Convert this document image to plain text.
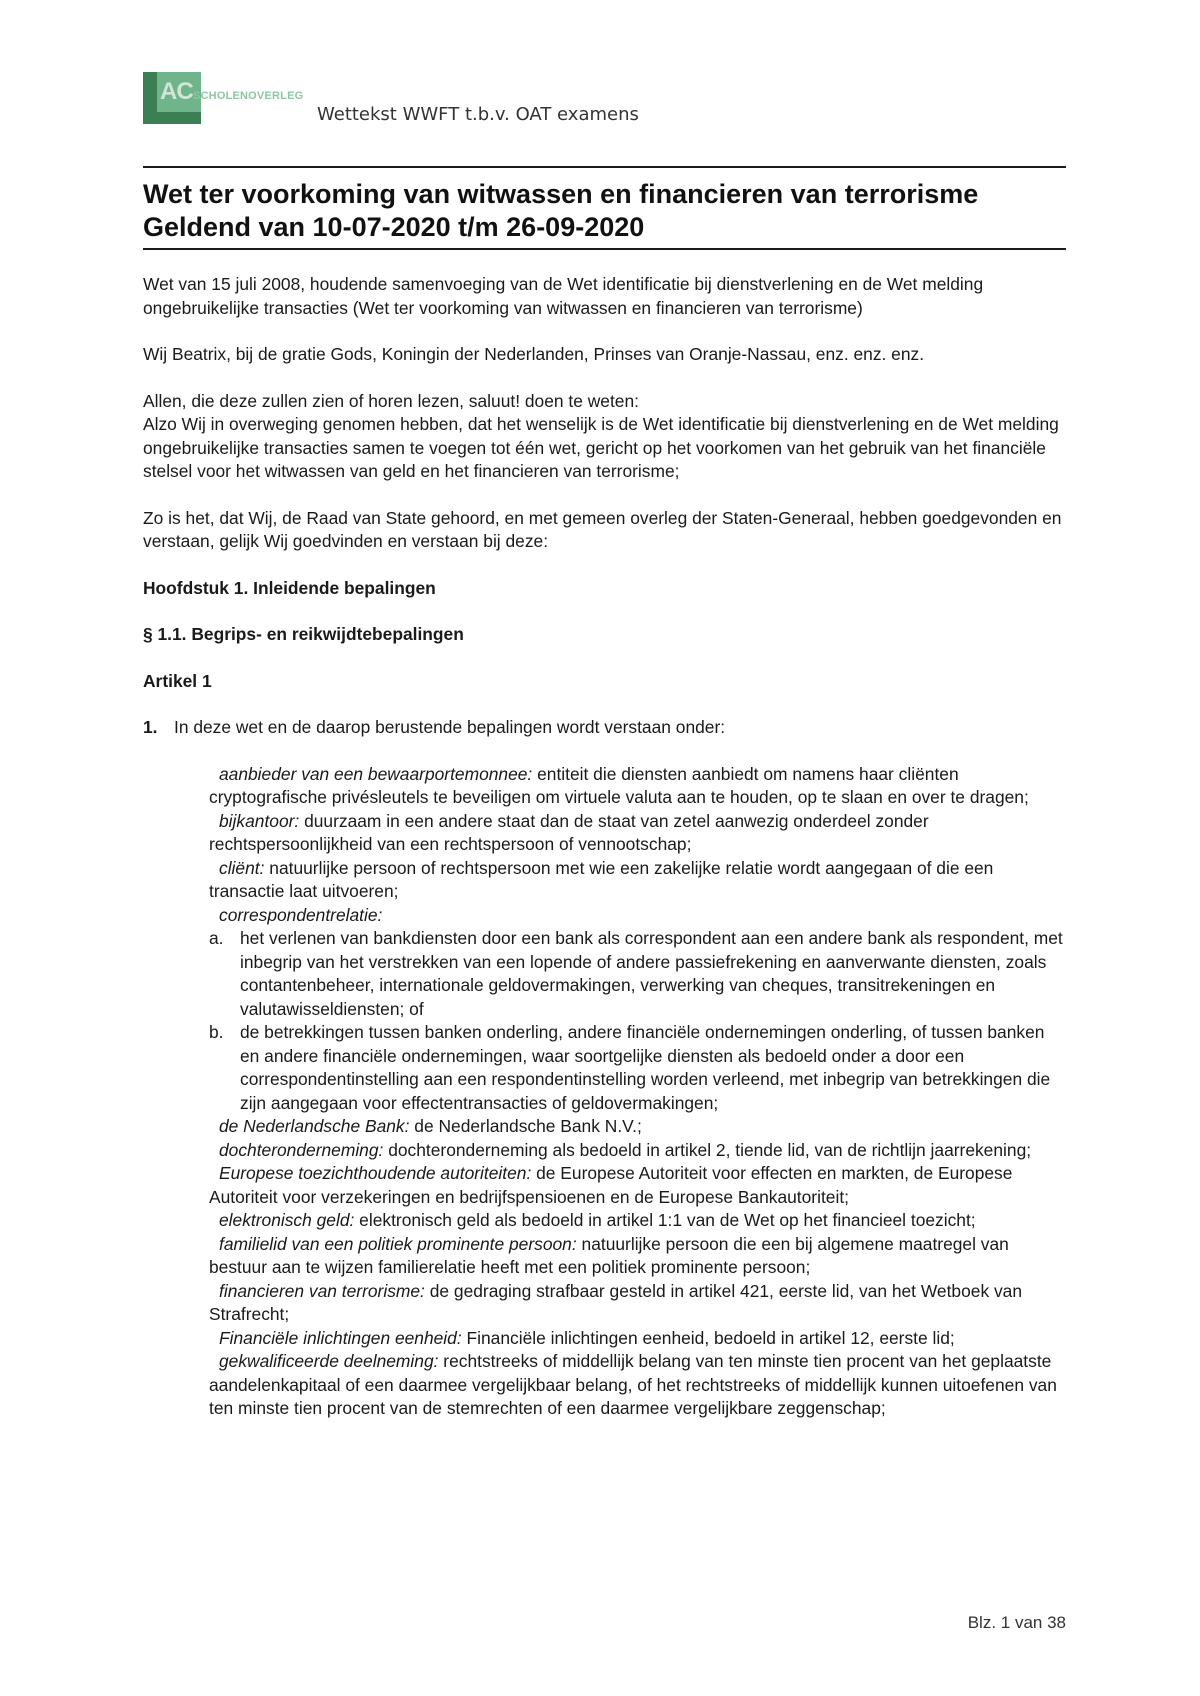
AC SCHOLENOVERLEG
Wettekst WWFT t.b.v. OAT examens
Wet ter voorkoming van witwassen en financieren van terrorisme
Geldend van 10-07-2020 t/m 26-09-2020

Wet van 15 juli 2008, houdende samenvoeging van de Wet identificatie bij dienstverlening en de Wet melding ongebruikelijke transacties (Wet ter voorkoming van witwassen en financieren van terrorisme)

Wij Beatrix, bij de gratie Gods, Koningin der Nederlanden, Prinses van Oranje-Nassau, enz. enz. enz.

Allen, die deze zullen zien of horen lezen, saluut! doen te weten:

Alzo Wij in overweging genomen hebben, dat het wenselijk is de Wet identificatie bij dienstverlening en de Wet melding ongebruikelijke transacties samen te voegen tot één wet, gericht op het voorkomen van het gebruik van het financiële stelsel voor het witwassen van geld en het financieren van terrorisme;

Zo is het, dat Wij, de Raad van State gehoord, en met gemeen overleg der Staten-Generaal, hebben goedgevonden en verstaan, gelijk Wij goedvinden en verstaan bij deze:

Hoofdstuk 1. Inleidende bepalingen

§ 1.1. Begrips- en reikwijdtebepalingen

Artikel 1

1. In deze wet en de daarop berustende bepalingen wordt verstaan onder:

aanbieder van een bewaarportemonnee: entiteit die diensten aanbiedt om namens haar cliënten cryptografische privésleutels te beveiligen om virtuele valuta aan te houden, op te slaan en over te dragen;

bijkantoor: duurzaam in een andere staat dan de staat van zetel aanwezig onderdeel zonder rechtspersoonlijkheid van een rechtspersoon of vennootschap;

cliënt: natuurlijke persoon of rechtspersoon met wie een zakelijke relatie wordt aangegaan of die een transactie laat uitvoeren;

correspondentrelatie:

a. het verlenen van bankdiensten door een bank als correspondent aan een andere bank als respondent, met inbegrip van het verstrekken van een lopende of andere passiefrekening en aanverwante diensten, zoals contantenbeheer, internationale geldovermakingen, verwerking van cheques, transitrekeningen en valutawisseldiensten; of
b. de betrekkingen tussen banken onderling, andere financiële ondernemingen onderling, of tussen banken en andere financiële ondernemingen, waar soortgelijke diensten als bedoeld onder a door een correspondentinstelling aan een respondentinstelling worden verleend, met inbegrip van betrekkingen die zijn aangegaan voor effectentransacties of geldovermakingen;

de Nederlandsche Bank: de Nederlandsche Bank N.V.;

dochteronderneming: dochteronderneming als bedoeld in artikel 2, tiende lid, van de richtlijn jaarrekening;

Europese toezichthoudende autoriteiten: de Europese Autoriteit voor effecten en markten, de Europese Autoriteit voor verzekeringen en bedrijfspensioenen en de Europese Bankautoriteit;

elektronisch geld: elektronisch geld als bedoeld in artikel 1:1 van de Wet op het financieel toezicht;

familielid van een politiek prominente persoon: natuurlijke persoon die een bij algemene maatregel van bestuur aan te wijzen familierelatie heeft met een politiek prominente persoon;

financieren van terrorisme: de gedraging strafbaar gesteld in artikel 421, eerste lid, van het Wetboek van Strafrecht;

Financiële inlichtingen eenheid: Financiële inlichtingen eenheid, bedoeld in artikel 12, eerste lid;

gekwalificeerde deelneming: rechtstreeks of middellijk belang van ten minste tien procent van het geplaatste aandelenkapitaal of een daarmee vergelijkbaar belang, of het rechtstreeks of middellijk kunnen uitoefenen van ten minste tien procent van de stemrechten of een daarmee vergelijkbare zeggenschap;

Blz. 1 van 38
